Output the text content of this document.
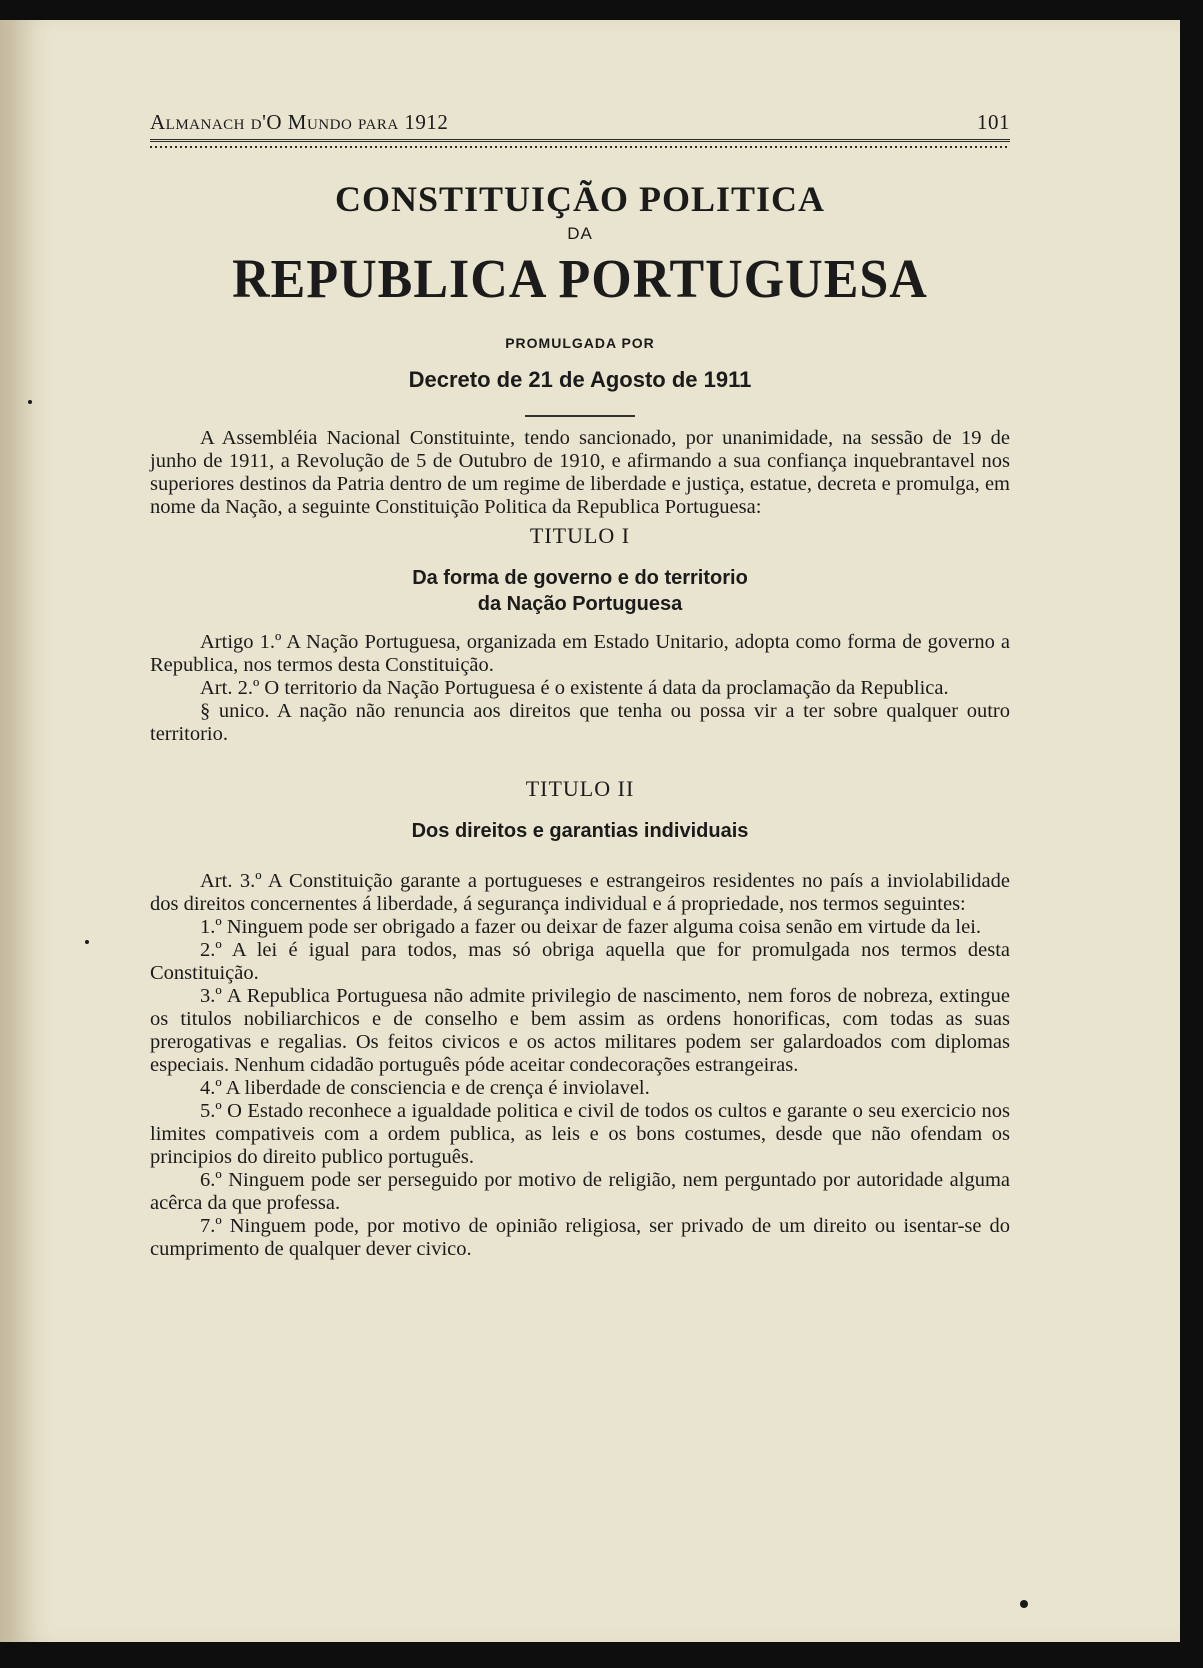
Almanach d'O Mundo para 1912	101
CONSTITUIÇÃO POLITICA
DA
REPUBLICA PORTUGUESA
PROMULGADA POR
Decreto de 21 de Agosto de 1911

A Assembléia Nacional Constituinte, tendo sancionado, por unanimidade, na sessão de 19 de junho de 1911, a Revolução de 5 de Outubro de 1910, e afirmando a sua confiança inquebrantavel nos superiores destinos da Patria dentro de um regime de liberdade e justiça, estatue, decreta e promulga, em nome da Nação, a seguinte Constituição Politica da Republica Portuguesa:

TITULO I
Da forma de governo e do territorio
da Nação Portuguesa

Artigo 1.º A Nação Portuguesa, organizada em Estado Unitario, adopta como forma de governo a Republica, nos termos desta Constituição.

Art. 2.º O territorio da Nação Portuguesa é o existente á data da proclamação da Republica.

§ unico. A nação não renuncia aos direitos que tenha ou possa vir a ter sobre qualquer outro territorio.

TITULO II
Dos direitos e garantias individuais

Art. 3.º A Constituição garante a portugueses e estrangeiros residentes no país a inviolabilidade dos direitos concernentes á liberdade, á segurança individual e á propriedade, nos termos seguintes:

1.º Ninguem pode ser obrigado a fazer ou deixar de fazer alguma coisa senão em virtude da lei.

2.º A lei é igual para todos, mas só obriga aquella que for promulgada nos termos desta Constituição.

3.º A Republica Portuguesa não admite privilegio de nascimento, nem foros de nobreza, extingue os titulos nobiliarchicos e de conselho e bem assim as ordens honorificas, com todas as suas prerogativas e regalias. Os feitos civicos e os actos militares podem ser galardoados com diplomas especiais. Nenhum cidadão português póde aceitar condecorações estrangeiras.

4.º A liberdade de consciencia e de crença é inviolavel.

5.º O Estado reconhece a igualdade politica e civil de todos os cultos e garante o seu exercicio nos limites compativeis com a ordem publica, as leis e os bons costumes, desde que não ofendam os principios do direito publico português.

6.º Ninguem pode ser perseguido por motivo de religião, nem perguntado por autoridade alguma acêrca da que professa.

7.º Ninguem pode, por motivo de opinião religiosa, ser privado de um direito ou isentar-se do cumprimento de qualquer dever civico.
